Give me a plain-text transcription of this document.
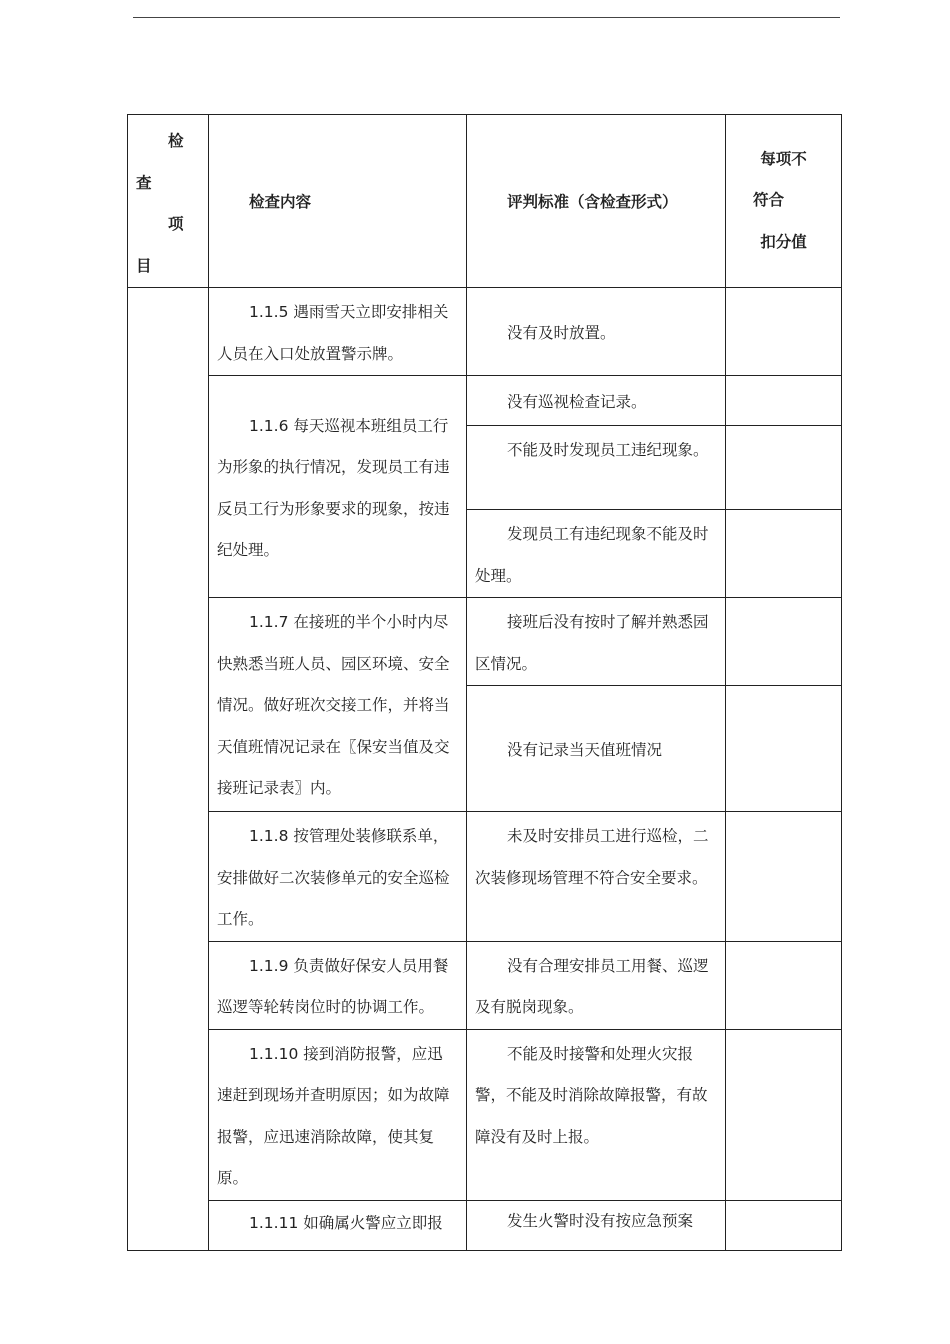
检
查
项
目	检查内容	评判标准（含检查形式）	每项不
符合
扣分值

	1.1.5 遇雨雪天立即安排相关人员在入口处放置警示牌。	没有及时放置。	
	1.1.6 每天巡视本班组员工行为形象的执行情况，发现员工有违反员工行为形象要求的现象，按违纪处理。	没有巡视检查记录。	
		不能及时发现员工违纪现象。	
		发现员工有违纪现象不能及时处理。	
	1.1.7 在接班的半个小时内尽快熟悉当班人员、园区环境、安全情况。做好班次交接工作，并将当天值班情况记录在〖保安当值及交接班记录表〗内。	接班后没有按时了解并熟悉园区情况。	
		没有记录当天值班情况	
	1.1.8 按管理处装修联系单，安排做好二次装修单元的安全巡检工作。	未及时安排员工进行巡检，二次装修现场管理不符合安全要求。	
	1.1.9 负责做好保安人员用餐巡逻等轮转岗位时的协调工作。	没有合理安排员工用餐、巡逻及有脱岗现象。	
	1.1.10 接到消防报警，应迅速赶到现场并查明原因；如为故障报警，应迅速消除故障，使其复原。	不能及时接警和处理火灾报警，不能及时消除故障报警，有故障没有及时上报。	
	1.1.11 如确属火警应立即报	发生火警时没有按应急预案	
